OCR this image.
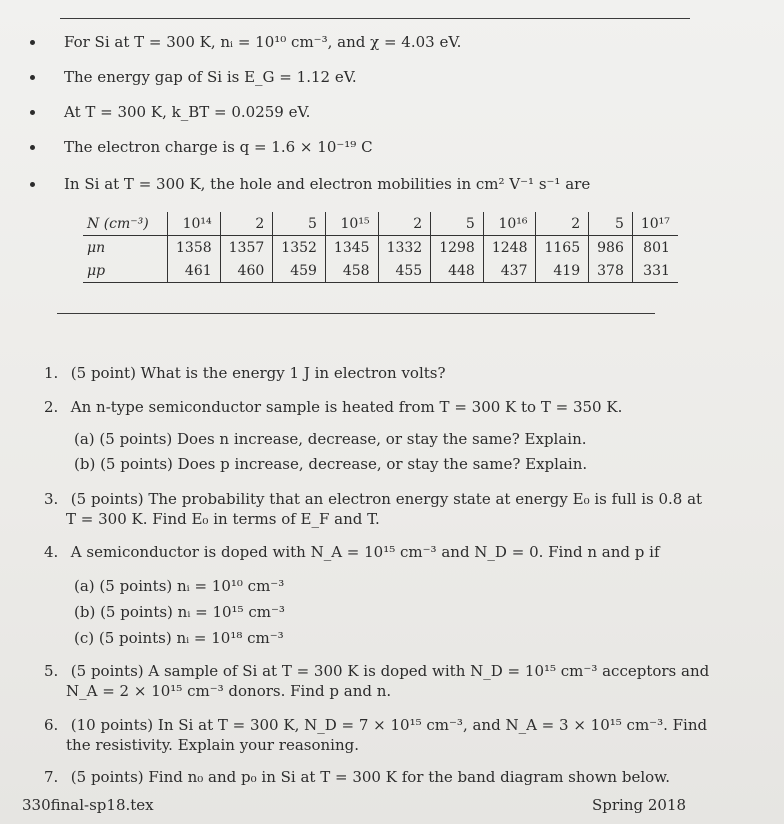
For Si at T = 300 K, nᵢ = 10¹⁰ cm⁻³, and χ = 4.03 eV.
The energy gap of Si is E_G = 1.12 eV.
At T = 300 K, k_BT = 0.0259 eV.
The electron charge is q = 1.6 × 10⁻¹⁹ C
In Si at T = 300 K, the hole and electron mobilities in cm² V⁻¹ s⁻¹ are
N (cm⁻³)	10¹⁴	2	5	10¹⁵	2	5	10¹⁶	2	5	10¹⁷
μn	1358	1357	1352	1345	1332	1298	1248	1165	986	801
μp	461	460	459	458	455	448	437	419	378	331
1. (5 point) What is the energy 1 J in electron volts?
2. An n-type semiconductor sample is heated from T = 300 K to T = 350 K.
(a) (5 points) Does n increase, decrease, or stay the same? Explain.
(b) (5 points) Does p increase, decrease, or stay the same? Explain.
3. (5 points) The probability that an electron energy state at energy E₀ is full is 0.8 at
T = 300 K. Find E₀ in terms of E_F and T.
4. A semiconductor is doped with N_A = 10¹⁵ cm⁻³ and N_D = 0. Find n and p if
(a) (5 points) nᵢ = 10¹⁰ cm⁻³
(b) (5 points) nᵢ = 10¹⁵ cm⁻³
(c) (5 points) nᵢ = 10¹⁸ cm⁻³
5. (5 points) A sample of Si at T = 300 K is doped with N_D = 10¹⁵ cm⁻³ acceptors and
N_A = 2 × 10¹⁵ cm⁻³ donors. Find p and n.
6. (10 points) In Si at T = 300 K, N_D = 7 × 10¹⁵ cm⁻³, and N_A = 3 × 10¹⁵ cm⁻³. Find
the resistivity. Explain your reasoning.
7. (5 points) Find n₀ and p₀ in Si at T = 300 K for the band diagram shown below.
330final-sp18.tex	Spring 2018
